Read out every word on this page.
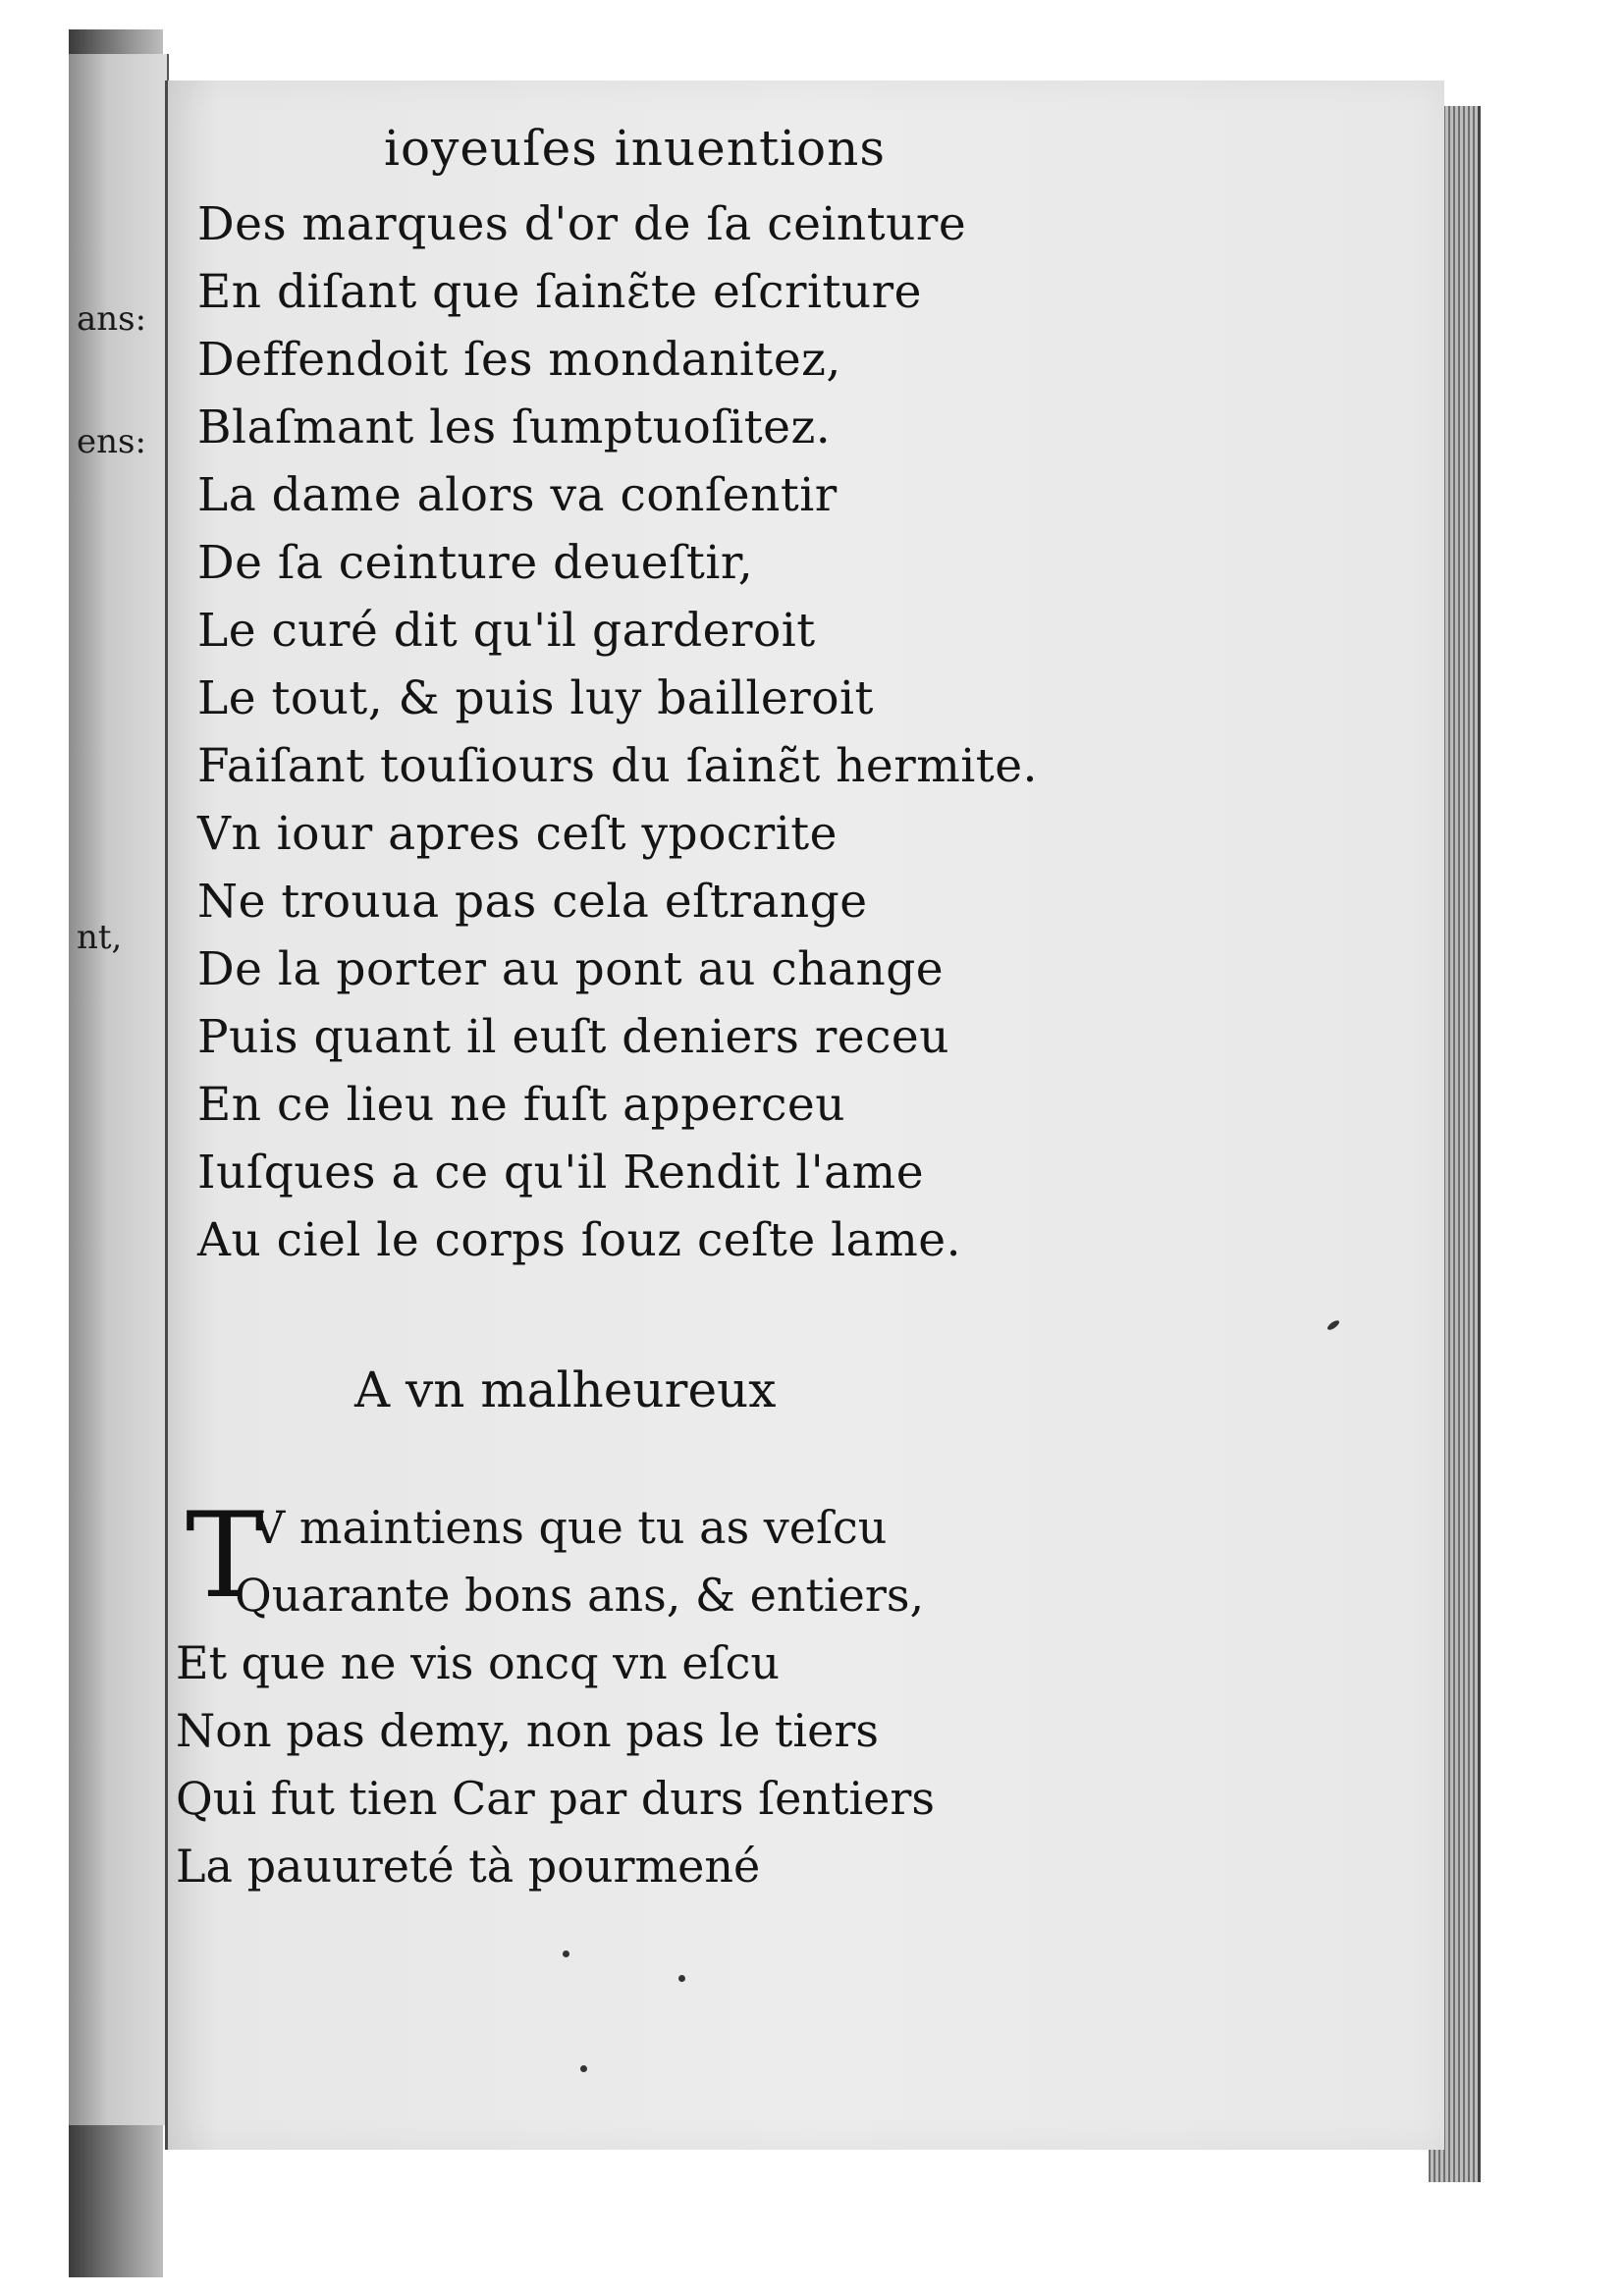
ans:
ens:
nt,
ioyeuſes inuentions
Des marques d'or de ſa ceinture
En diſant que ſainɛ̃te eſcriture
Deffendoit ſes mondanitez,
Blaſmant les ſumptuoſitez.
La dame alors va conſentir
De ſa ceinture deueſtir,
Le curé dit qu'il garderoit
Le tout, & puis luy bailleroit
Faiſant touſiours du ſainɛ̃t hermite.
Vn iour apres ceſt ypocrite
Ne trouua pas cela eſtrange
De la porter au pont au change
Puis quant il euſt deniers receu
En ce lieu ne fuſt apperceu
Iuſques a ce qu'il Rendit l'ame
Au ciel le corps ſouz ceſte lame.
A vn malheureux
T
V maintiens que tu as veſcu
Quarante bons ans, & entiers,
Et que ne vis oncq vn eſcu
Non pas demy, non pas le tiers
Qui fut tien Car par durs ſentiers
La pauureté tà pourmené
